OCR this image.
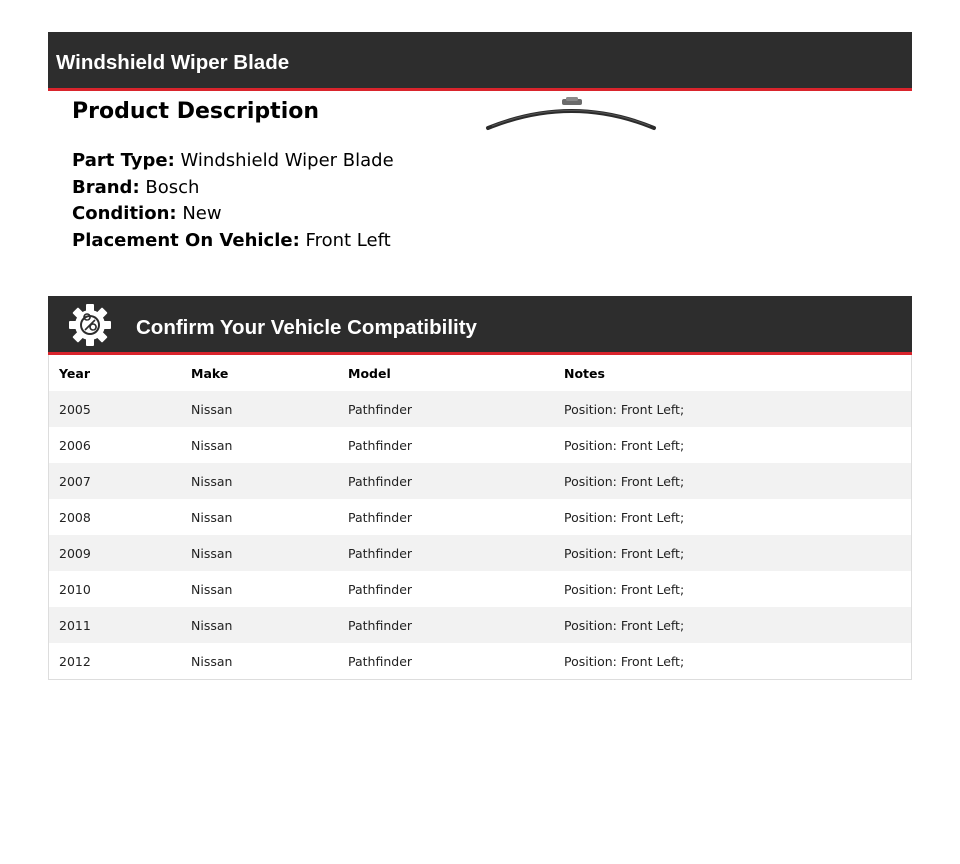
Windshield Wiper Blade
Product Description
Part Type: Windshield Wiper Blade
Brand: Bosch
Condition: New
Placement On Vehicle: Front Left
Confirm Your Vehicle Compatibility
Year	Make	Model	Notes
2005	Nissan	Pathfinder	Position: Front Left;
2006	Nissan	Pathfinder	Position: Front Left;
2007	Nissan	Pathfinder	Position: Front Left;
2008	Nissan	Pathfinder	Position: Front Left;
2009	Nissan	Pathfinder	Position: Front Left;
2010	Nissan	Pathfinder	Position: Front Left;
2011	Nissan	Pathfinder	Position: Front Left;
2012	Nissan	Pathfinder	Position: Front Left;
